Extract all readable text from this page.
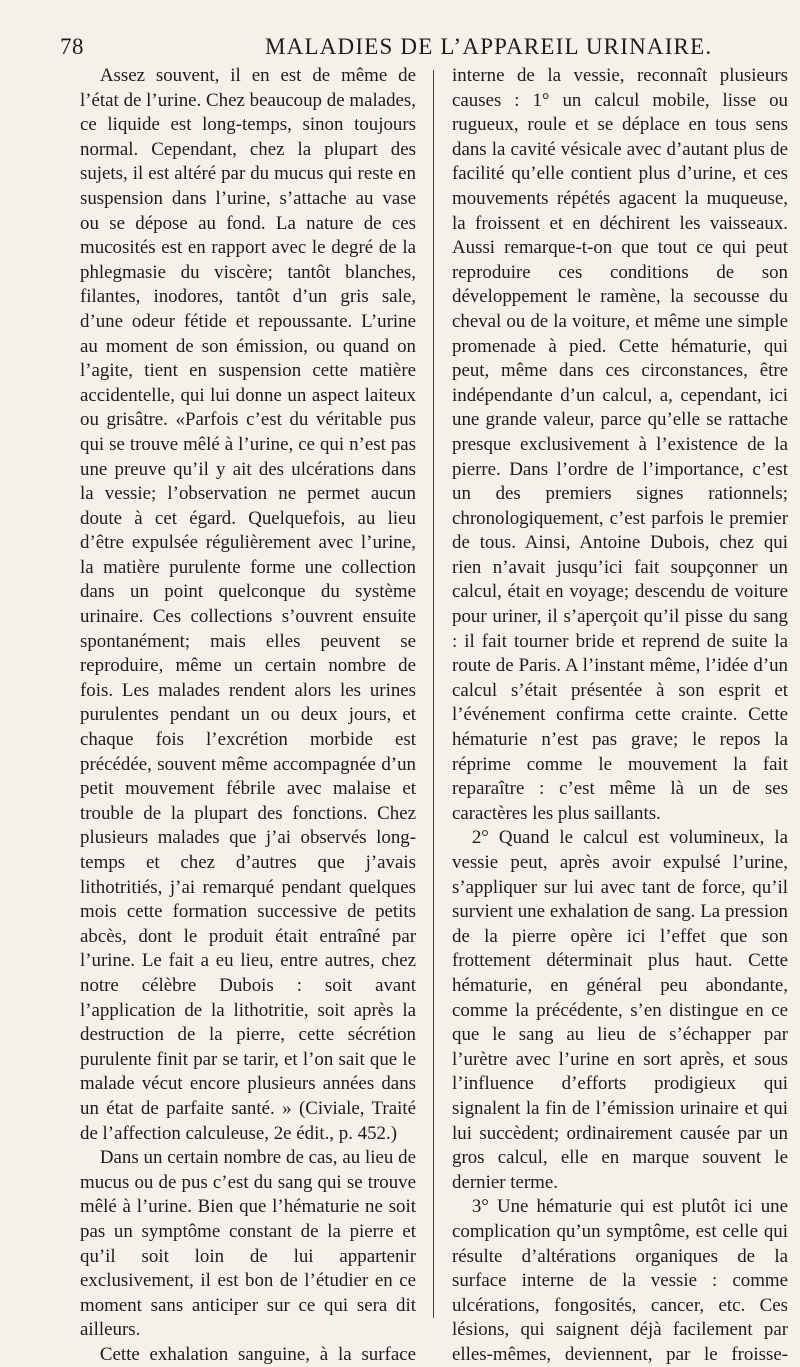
78	MALADIES DE L’APPAREIL URINAIRE.

Assez souvent, il en est de même de l’état de l’urine. Chez beaucoup de malades, ce liquide est long-temps, sinon toujours normal. Cependant, chez la plupart des sujets, il est altéré par du mucus qui reste en suspension dans l’urine, s’attache au vase ou se dépose au fond. La nature de ces mucosités est en rapport avec le degré de la phlegmasie du viscère; tantôt blanches, filantes, inodores, tantôt d’un gris sale, d’une odeur fétide et repoussante. L’urine au moment de son émission, ou quand on l’agite, tient en suspension cette matière accidentelle, qui lui donne un aspect laiteux ou grisâtre. «Parfois c’est du véritable pus qui se trouve mêlé à l’urine, ce qui n’est pas une preuve qu’il y ait des ulcérations dans la vessie; l’observation ne permet aucun doute à cet égard. Quelquefois, au lieu d’être expulsée régulièrement avec l’urine, la matière purulente forme une collection dans un point quelconque du système urinaire. Ces collections s’ouvrent ensuite spontanément; mais elles peuvent se reproduire, même un certain nombre de fois. Les malades rendent alors les urines purulentes pendant un ou deux jours, et chaque fois l’excrétion morbide est précédée, souvent même accompagnée d’un petit mouvement fébrile avec malaise et trouble de la plupart des fonctions. Chez plusieurs malades que j’ai observés long-temps et chez d’autres que j’avais lithotritiés, j’ai remarqué pendant quelques mois cette formation successive de petits abcès, dont le produit était entraîné par l’urine. Le fait a eu lieu, entre autres, chez notre célèbre Dubois : soit avant l’application de la lithotritie, soit après la destruction de la pierre, cette sécrétion purulente finit par se tarir, et l’on sait que le malade vécut encore plusieurs années dans un état de parfaite santé. » (Civiale, Traité de l’affection calculeuse, 2e édit., p. 452.)

Dans un certain nombre de cas, au lieu de mucus ou de pus c’est du sang qui se trouve mêlé à l’urine. Bien que l’hématurie ne soit pas un symptôme constant de la pierre et qu’il soit loin de lui appartenir exclusivement, il est bon de l’étudier en ce moment sans anticiper sur ce qui sera dit ailleurs.

Cette exhalation sanguine, à la surface

interne de la vessie, reconnaît plusieurs causes : 1° un calcul mobile, lisse ou rugueux, roule et se déplace en tous sens dans la cavité vésicale avec d’autant plus de facilité qu’elle contient plus d’urine, et ces mouvements répétés agacent la muqueuse, la froissent et en déchirent les vaisseaux. Aussi remarque-t-on que tout ce qui peut reproduire ces conditions de son développement le ramène, la secousse du cheval ou de la voiture, et même une simple promenade à pied. Cette hématurie, qui peut, même dans ces circonstances, être indépendante d’un calcul, a, cependant, ici une grande valeur, parce qu’elle se rattache presque exclusivement à l’existence de la pierre. Dans l’ordre de l’importance, c’est un des premiers signes rationnels; chronologiquement, c’est parfois le premier de tous. Ainsi, Antoine Dubois, chez qui rien n’avait jusqu’ici fait soupçonner un calcul, était en voyage; descendu de voiture pour uriner, il s’aperçoit qu’il pisse du sang : il fait tourner bride et reprend de suite la route de Paris. A l’instant même, l’idée d’un calcul s’était présentée à son esprit et l’événement confirma cette crainte. Cette hématurie n’est pas grave; le repos la réprime comme le mouvement la fait reparaître : c’est même là un de ses caractères les plus saillants.

2° Quand le calcul est volumineux, la vessie peut, après avoir expulsé l’urine, s’appliquer sur lui avec tant de force, qu’il survient une exhalation de sang. La pression de la pierre opère ici l’effet que son frottement déterminait plus haut. Cette hématurie, en général peu abondante, comme la précédente, s’en distingue en ce que le sang au lieu de s’échapper par l’urètre avec l’urine en sort après, et sous l’influence d’efforts prodigieux qui signalent la fin de l’émission urinaire et qui lui succèdent; ordinairement causée par un gros calcul, elle en marque souvent le dernier terme.

3° Une hématurie qui est plutôt ici une complication qu’un symptôme, est celle qui résulte d’altérations organiques de la surface interne de la vessie : comme ulcérations, fongosités, cancer, etc. Ces lésions, qui saignent déjà facilement par elles-mêmes, deviennent, par le froisse-
